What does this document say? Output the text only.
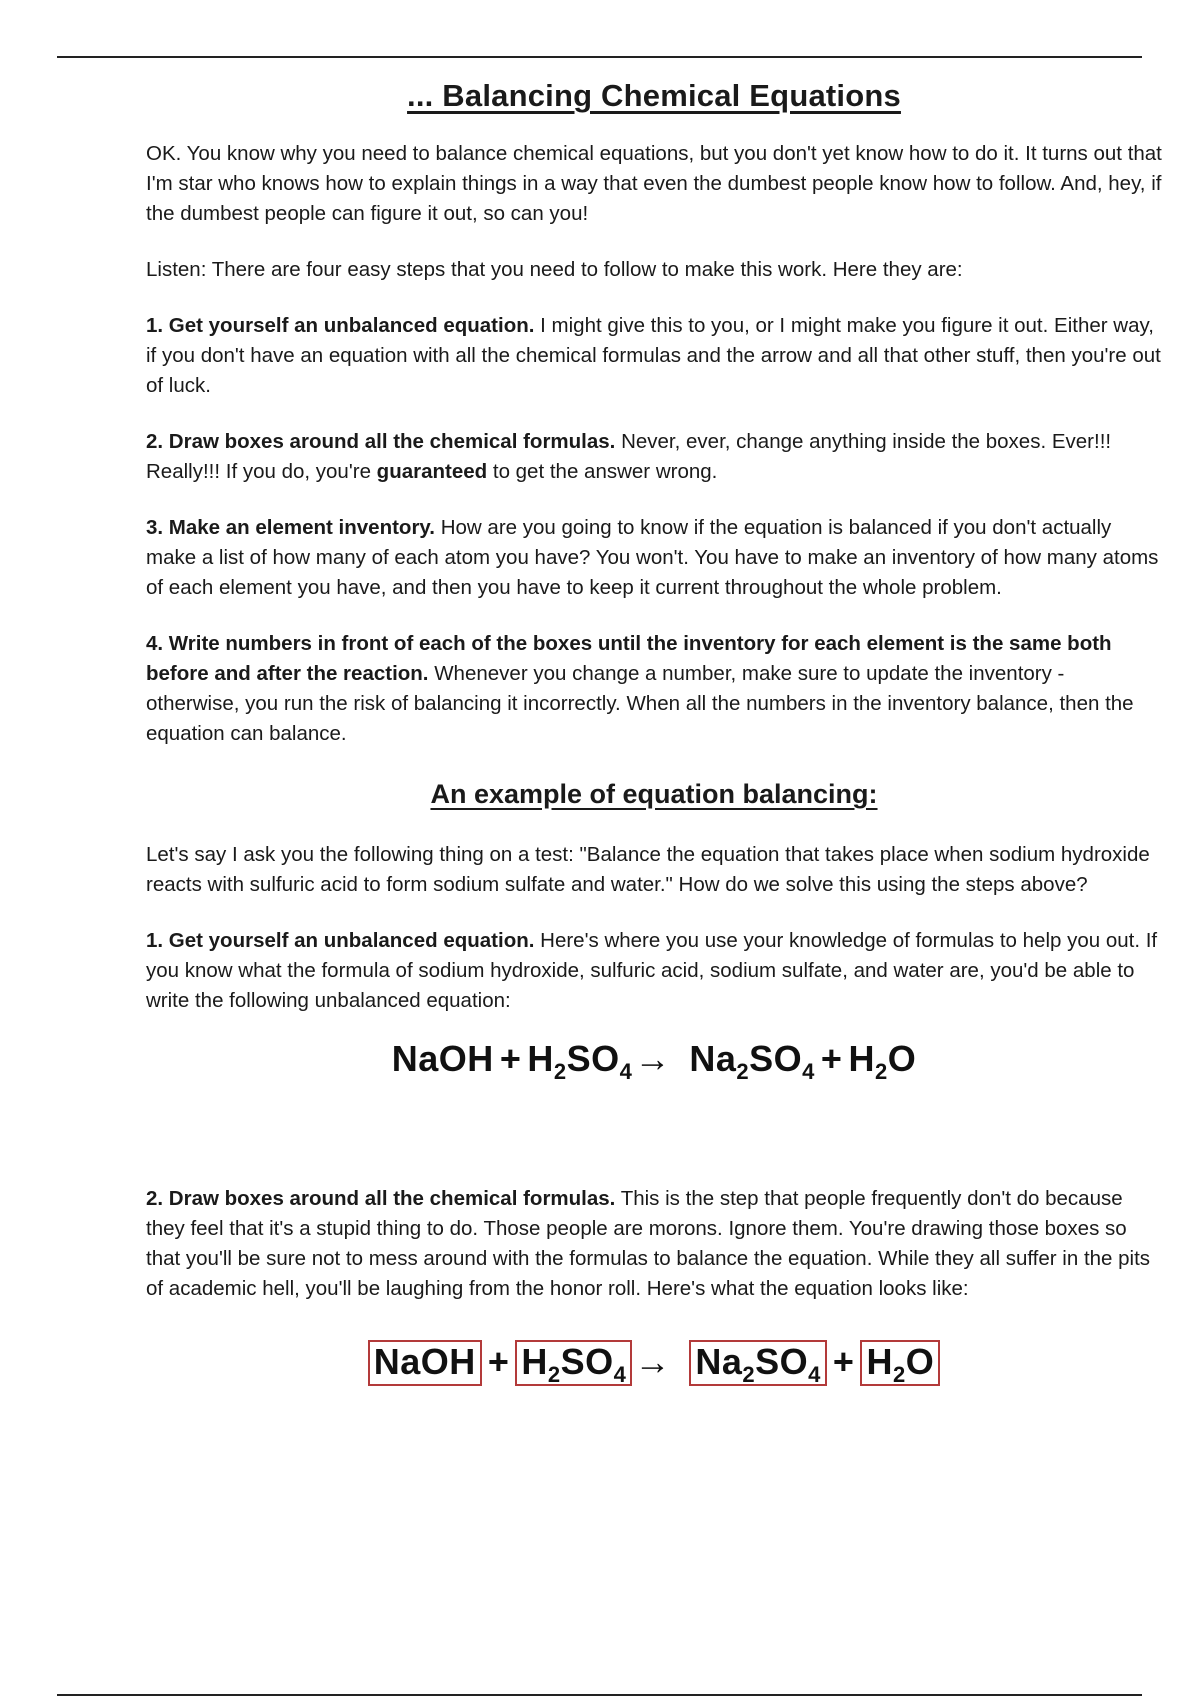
... Balancing Chemical Equations

OK. You know why you need to balance chemical equations, but you don't yet know how to do it. It turns out that I'm star who knows how to explain things in a way that even the dumbest people know how to follow. And, hey, if the dumbest people can figure it out, so can you!

Listen: There are four easy steps that you need to follow to make this work. Here they are:

1. Get yourself an unbalanced equation. I might give this to you, or I might make you figure it out. Either way, if you don't have an equation with all the chemical formulas and the arrow and all that other stuff, then you're out of luck.

2. Draw boxes around all the chemical formulas. Never, ever, change anything inside the boxes. Ever!!! Really!!! If you do, you're guaranteed to get the answer wrong.

3. Make an element inventory. How are you going to know if the equation is balanced if you don't actually make a list of how many of each atom you have? You won't. You have to make an inventory of how many atoms of each element you have, and then you have to keep it current throughout the whole problem.

4. Write numbers in front of each of the boxes until the inventory for each element is the same both before and after the reaction. Whenever you change a number, make sure to update the inventory - otherwise, you run the risk of balancing it incorrectly. When all the numbers in the inventory balance, then the equation can balance.

An example of equation balancing:

Let's say I ask you the following thing on a test: "Balance the equation that takes place when sodium hydroxide reacts with sulfuric acid to form sodium sulfate and water." How do we solve this using the steps above?

1. Get yourself an unbalanced equation. Here's where you use your knowledge of formulas to help you out. If you know what the formula of sodium hydroxide, sulfuric acid, sodium sulfate, and water are, you'd be able to write the following unbalanced equation:

NaOH + $H_2SO_4\to Na_2SO_4 + H_2O$

2. Draw boxes around all the chemical formulas. This is the step that people frequently don't do because they feel that it's a stupid thing to do. Those people are morons. Ignore them. You're drawing those boxes so that you'll be sure not to mess around with the formulas to balance the equation. While they all suffer in the pits of academic hell, you'll be laughing from the honor roll. Here's what the equation looks like:

NaOH + $H_2SO_4 \to Na_2SO_4 + H_2O$
